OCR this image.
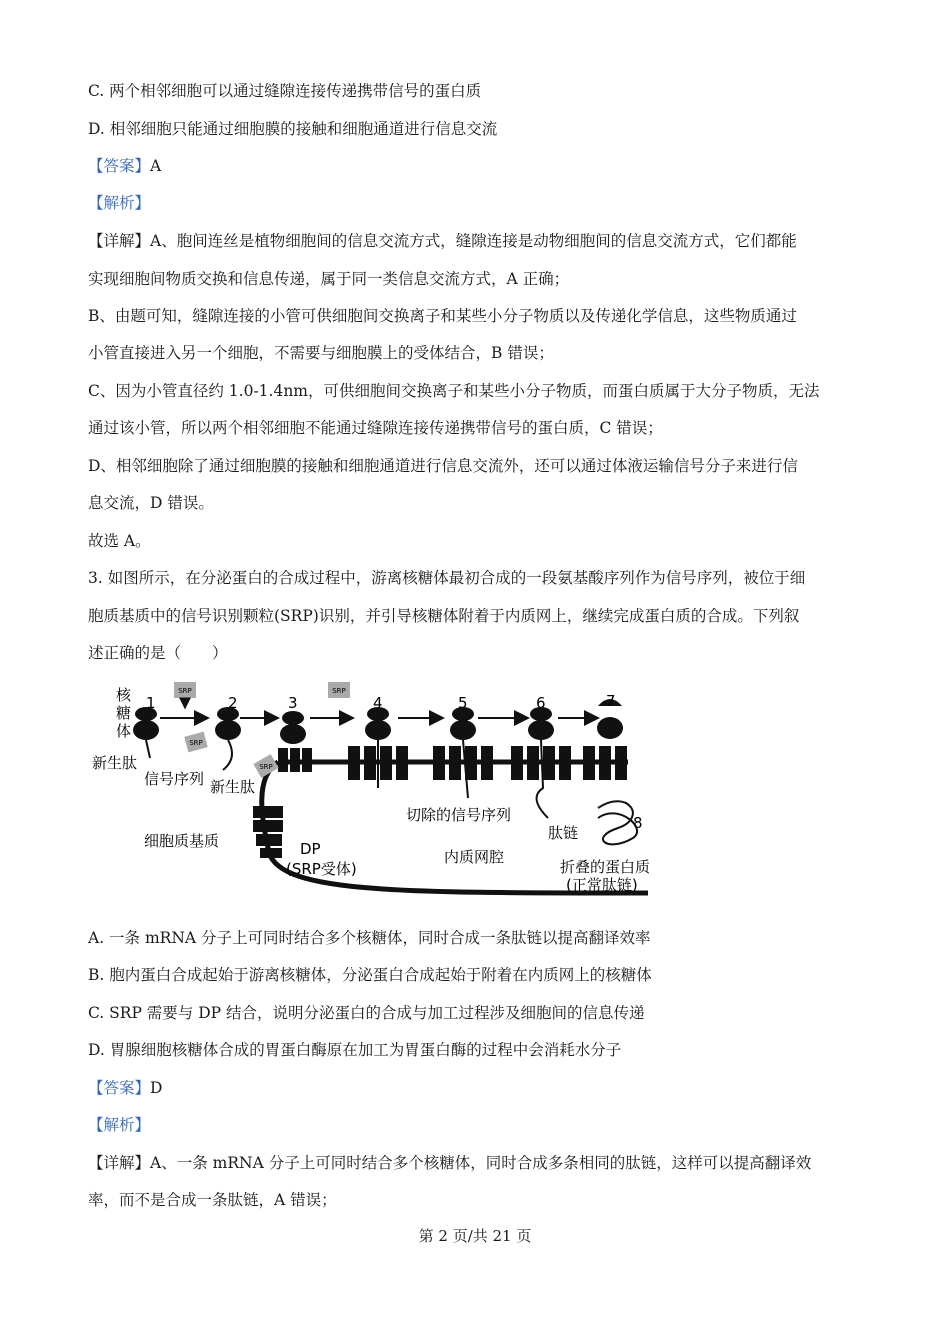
C. 两个相邻细胞可以通过缝隙连接传递携带信号的蛋白质
D. 相邻细胞只能通过细胞膜的接触和细胞通道进行信息交流
【答案】A
【解析】
【详解】A、胞间连丝是植物细胞间的信息交流方式，缝隙连接是动物细胞间的信息交流方式，它们都能
实现细胞间物质交换和信息传递，属于同一类信息交流方式，A 正确；
B、由题可知，缝隙连接的小管可供细胞间交换离子和某些小分子物质以及传递化学信息，这些物质通过
小管直接进入另一个细胞，不需要与细胞膜上的受体结合，B 错误；
C、因为小管直径约 1.0-1.4nm，可供细胞间交换离子和某些小分子物质，而蛋白质属于大分子物质，无法
通过该小管，所以两个相邻细胞不能通过缝隙连接传递携带信号的蛋白质，C 错误；
D、相邻细胞除了通过细胞膜的接触和细胞通道进行信息交流外，还可以通过体液运输信号分子来进行信
息交流，D 错误。
故选 A。
3. 如图所示，在分泌蛋白的合成过程中，游离核糖体最初合成的一段氨基酸序列作为信号序列，被位于细
胞质基质中的信号识别颗粒(SRP)识别，并引导核糖体附着于内质网上，继续完成蛋白质的合成。下列叙
述正确的是（　　）
SRP
SRP
SRP
SRP
核
糖
体
1	2	3	4	5	6	7
8
新生肽
信号序列 新生肽
切除的信号序列
肽链
细胞质基质	DP
(SRP受体)
内质网腔
折叠的蛋白质
(正常肽链)
A. 一条 mRNA 分子上可同时结合多个核糖体，同时合成一条肽链以提高翻译效率
B. 胞内蛋白合成起始于游离核糖体，分泌蛋白合成起始于附着在内质网上的核糖体
C. SRP 需要与 DP 结合，说明分泌蛋白的合成与加工过程涉及细胞间的信息传递
D. 胃腺细胞核糖体合成的胃蛋白酶原在加工为胃蛋白酶的过程中会消耗水分子
【答案】D
【解析】
【详解】A、一条 mRNA 分子上可同时结合多个核糖体，同时合成多条相同的肽链，这样可以提高翻译效
率，而不是合成一条肽链，A 错误；
第 2 页/共 21 页
